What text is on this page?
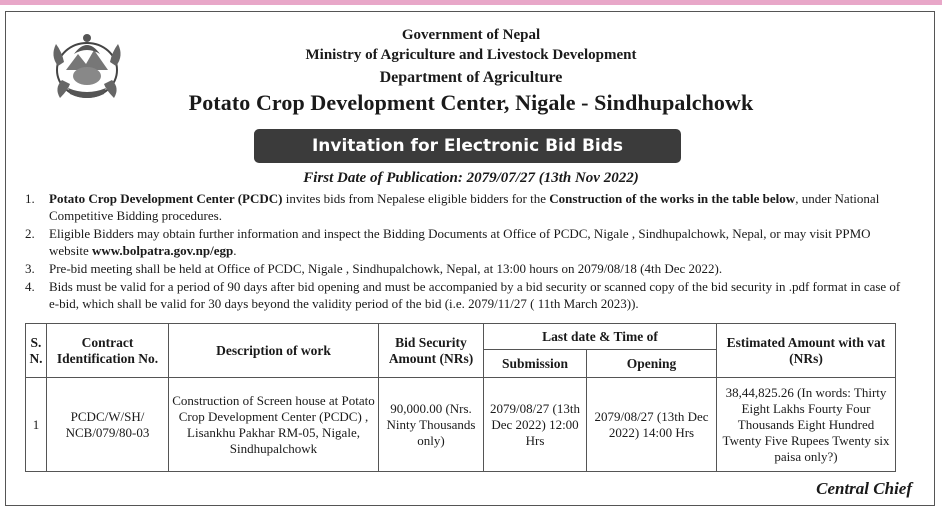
Government of Nepal
Ministry of Agriculture and Livestock Development
Department of Agriculture
Potato Crop Development Center, Nigale - Sindhupalchowk
Invitation for Electronic Bid Bids
First Date of Publication: 2079/07/27 (13th Nov 2022)
1. Potato Crop Development Center (PCDC) invites bids from Nepalese eligible bidders for the Construction of the works in the table below, under National Competitive Bidding procedures.
2. Eligible Bidders may obtain further information and inspect the Bidding Documents at Office of PCDC, Nigale , Sindhupalchowk, Nepal, or may visit PPMO website www.bolpatra.gov.np/egp.
3. Pre-bid meeting shall be held at Office of PCDC, Nigale , Sindhupalchowk, Nepal, at 13:00 hours on 2079/08/18 (4th Dec 2022).
4. Bids must be valid for a period of 90 days after bid opening and must be accompanied by a bid security or scanned copy of the bid security in .pdf format in case of e-bid, which shall be valid for 30 days beyond the validity period of the bid (i.e. 2079/11/27 ( 11th March 2023)).
S. N.	Contract Identification No.	Description of work	Bid Security Amount (NRs)	Last date & Time of		Estimated Amount with vat (NRs)
				Submission	Opening	
1	PCDC/W/SH/ NCB/079/80-03	Construction of Screen house at Potato Crop Development Center (PCDC) , Lisankhu Pakhar RM-05, Nigale, Sindhupalchowk	90,000.00 (Nrs. Ninty Thousands only)	2079/08/27 (13th Dec 2022) 12:00 Hrs	2079/08/27 (13th Dec 2022) 14:00 Hrs	38,44,825.26 (In words: Thirty Eight Lakhs Fourty Four Thousands Eight Hundred Twenty Five Rupees Twenty six paisa only?)
Central Chief
